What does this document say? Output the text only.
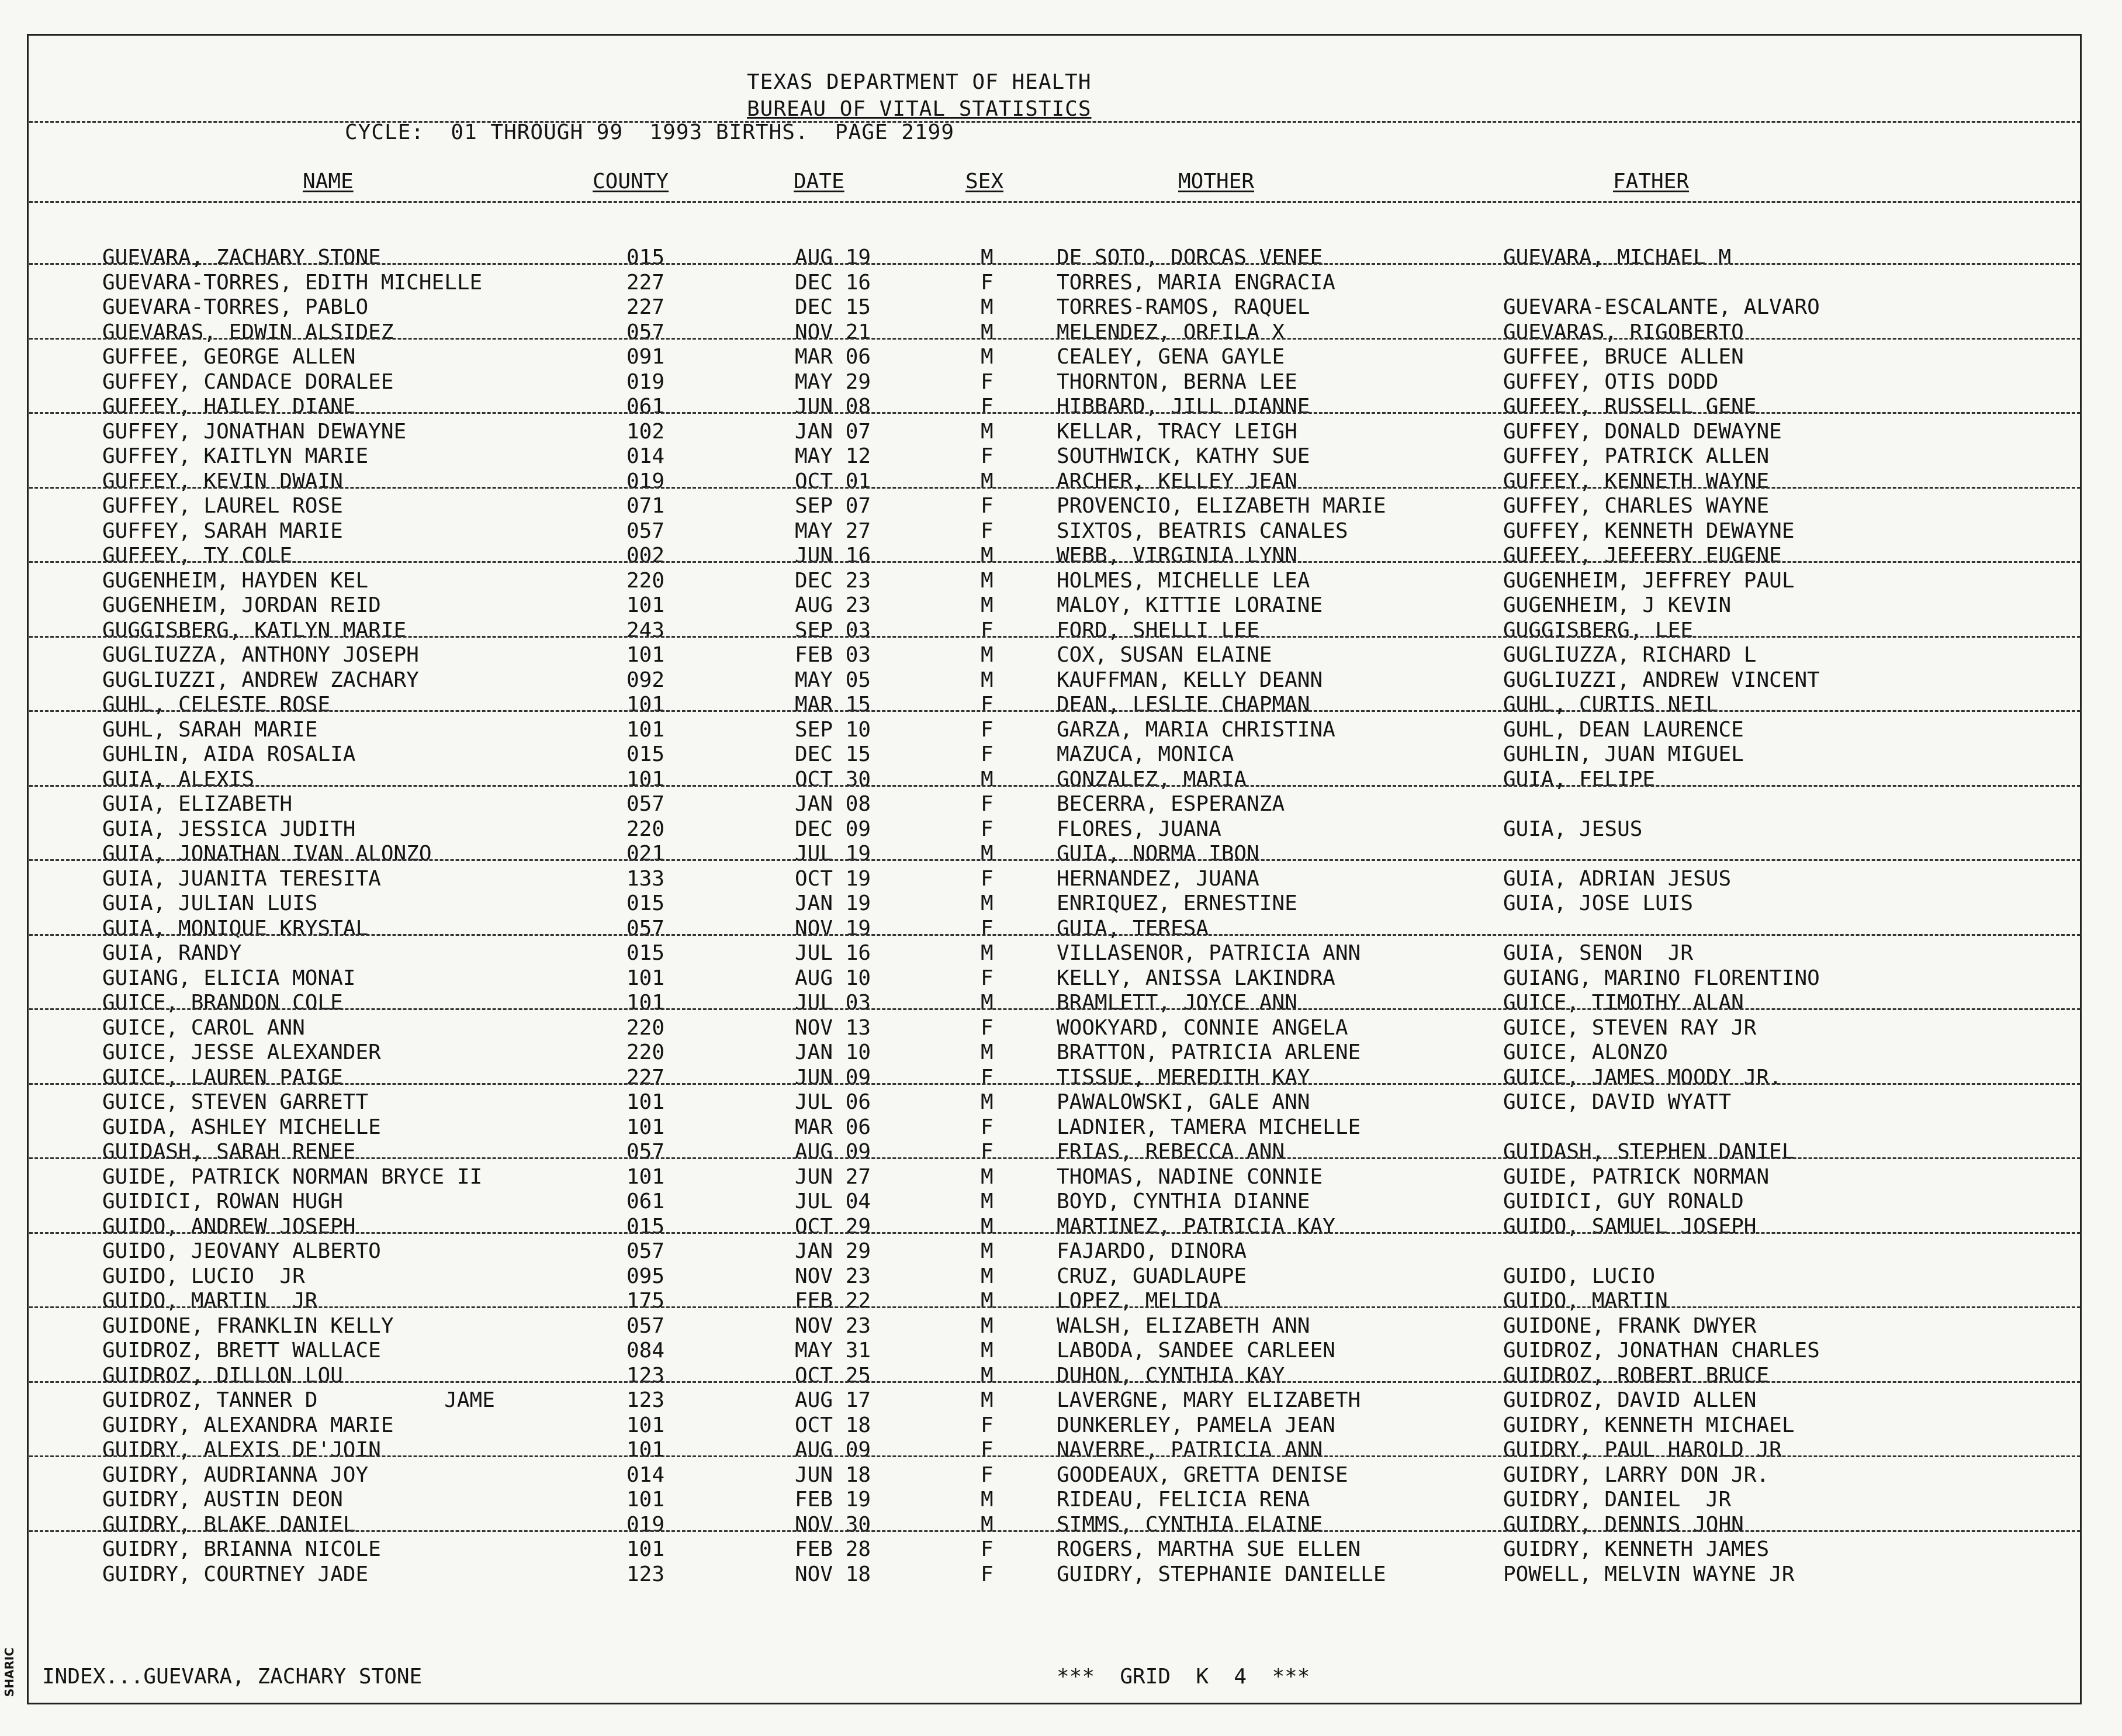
SHARIC
TEXAS DEPARTMENT OF HEALTH
BUREAU OF VITAL STATISTICS
CYCLE:  01 THROUGH 99  1993 BIRTHS.  PAGE 2199
NAME	COUNTY	DATE	SEX	MOTHER	FATHER
GUEVARA, ZACHARY STONE	015	AUG 19	M	DE SOTO, DORCAS VENEE	GUEVARA, MICHAEL M
GUEVARA-TORRES, EDITH MICHELLE	227	DEC 16	F	TORRES, MARIA ENGRACIA
GUEVARA-TORRES, PABLO	227	DEC 15	M	TORRES-RAMOS, RAQUEL	GUEVARA-ESCALANTE, ALVARO
GUEVARAS, EDWIN ALSIDEZ	057	NOV 21	M	MELENDEZ, ORFILA X	GUEVARAS, RIGOBERTO
GUFFEE, GEORGE ALLEN	091	MAR 06	M	CEALEY, GENA GAYLE	GUFFEE, BRUCE ALLEN
GUFFEY, CANDACE DORALEE	019	MAY 29	F	THORNTON, BERNA LEE	GUFFEY, OTIS DODD
GUFFEY, HAILEY DIANE	061	JUN 08	F	HIBBARD, JILL DIANNE	GUFFEY, RUSSELL GENE
GUFFEY, JONATHAN DEWAYNE	102	JAN 07	M	KELLAR, TRACY LEIGH	GUFFEY, DONALD DEWAYNE
GUFFEY, KAITLYN MARIE	014	MAY 12	F	SOUTHWICK, KATHY SUE	GUFFEY, PATRICK ALLEN
GUFFEY, KEVIN DWAIN	019	OCT 01	M	ARCHER, KELLEY JEAN	GUFFEY, KENNETH WAYNE
GUFFEY, LAUREL ROSE	071	SEP 07	F	PROVENCIO, ELIZABETH MARIE	GUFFEY, CHARLES WAYNE
GUFFEY, SARAH MARIE	057	MAY 27	F	SIXTOS, BEATRIS CANALES	GUFFEY, KENNETH DEWAYNE
GUFFEY, TY COLE	002	JUN 16	M	WEBB, VIRGINIA LYNN	GUFFEY, JEFFERY EUGENE
GUGENHEIM, HAYDEN KEL	220	DEC 23	M	HOLMES, MICHELLE LEA	GUGENHEIM, JEFFREY PAUL
GUGENHEIM, JORDAN REID	101	AUG 23	M	MALOY, KITTIE LORAINE	GUGENHEIM, J KEVIN
GUGGISBERG, KATLYN MARIE	243	SEP 03	F	FORD, SHELLI LEE	GUGGISBERG, LEE
GUGLIUZZA, ANTHONY JOSEPH	101	FEB 03	M	COX, SUSAN ELAINE	GUGLIUZZA, RICHARD L
GUGLIUZZI, ANDREW ZACHARY	092	MAY 05	M	KAUFFMAN, KELLY DEANN	GUGLIUZZI, ANDREW VINCENT
GUHL, CELESTE ROSE	101	MAR 15	F	DEAN, LESLIE CHAPMAN	GUHL, CURTIS NEIL
GUHL, SARAH MARIE	101	SEP 10	F	GARZA, MARIA CHRISTINA	GUHL, DEAN LAURENCE
GUHLIN, AIDA ROSALIA	015	DEC 15	F	MAZUCA, MONICA	GUHLIN, JUAN MIGUEL
GUIA, ALEXIS	101	OCT 30	M	GONZALEZ, MARIA	GUIA, FELIPE
GUIA, ELIZABETH	057	JAN 08	F	BECERRA, ESPERANZA
GUIA, JESSICA JUDITH	220	DEC 09	F	FLORES, JUANA	GUIA, JESUS
GUIA, JONATHAN IVAN ALONZO	021	JUL 19	M	GUIA, NORMA IBON
GUIA, JUANITA TERESITA	133	OCT 19	F	HERNANDEZ, JUANA	GUIA, ADRIAN JESUS
GUIA, JULIAN LUIS	015	JAN 19	M	ENRIQUEZ, ERNESTINE	GUIA, JOSE LUIS
GUIA, MONIQUE KRYSTAL	057	NOV 19	F	GUIA, TERESA
GUIA, RANDY	015	JUL 16	M	VILLASENOR, PATRICIA ANN	GUIA, SENON  JR
GUIANG, ELICIA MONAI	101	AUG 10	F	KELLY, ANISSA LAKINDRA	GUIANG, MARINO FLORENTINO
GUICE, BRANDON COLE	101	JUL 03	M	BRAMLETT, JOYCE ANN	GUICE, TIMOTHY ALAN
GUICE, CAROL ANN	220	NOV 13	F	WOOKYARD, CONNIE ANGELA	GUICE, STEVEN RAY JR
GUICE, JESSE ALEXANDER	220	JAN 10	M	BRATTON, PATRICIA ARLENE	GUICE, ALONZO
GUICE, LAUREN PAIGE	227	JUN 09	F	TISSUE, MEREDITH KAY	GUICE, JAMES MOODY JR.
GUICE, STEVEN GARRETT	101	JUL 06	M	PAWALOWSKI, GALE ANN	GUICE, DAVID WYATT
GUIDA, ASHLEY MICHELLE	101	MAR 06	F	LADNIER, TAMERA MICHELLE
GUIDASH, SARAH RENEE	057	AUG 09	F	FRIAS, REBECCA ANN	GUIDASH, STEPHEN DANIEL
GUIDE, PATRICK NORMAN BRYCE II	101	JUN 27	M	THOMAS, NADINE CONNIE	GUIDE, PATRICK NORMAN
GUIDICI, ROWAN HUGH	061	JUL 04	M	BOYD, CYNTHIA DIANNE	GUIDICI, GUY RONALD
GUIDO, ANDREW JOSEPH	015	OCT 29	M	MARTINEZ, PATRICIA KAY	GUIDO, SAMUEL JOSEPH
GUIDO, JEOVANY ALBERTO	057	JAN 29	M	FAJARDO, DINORA
GUIDO, LUCIO  JR	095	NOV 23	M	CRUZ, GUADLAUPE	GUIDO, LUCIO
GUIDO, MARTIN  JR	175	FEB 22	M	LOPEZ, MELIDA	GUIDO, MARTIN
GUIDONE, FRANKLIN KELLY	057	NOV 23	M	WALSH, ELIZABETH ANN	GUIDONE, FRANK DWYER
GUIDROZ, BRETT WALLACE	084	MAY 31	M	LABODA, SANDEE CARLEEN	GUIDROZ, JONATHAN CHARLES
GUIDROZ, DILLON LOU	123	OCT 25	M	DUHON, CYNTHIA KAY	GUIDROZ, ROBERT BRUCE
GUIDROZ, TANNER D          JAME	123	AUG 17	M	LAVERGNE, MARY ELIZABETH	GUIDROZ, DAVID ALLEN
GUIDRY, ALEXANDRA MARIE	101	OCT 18	F	DUNKERLEY, PAMELA JEAN	GUIDRY, KENNETH MICHAEL
GUIDRY, ALEXIS DE'JOIN	101	AUG 09	F	NAVERRE, PATRICIA ANN	GUIDRY, PAUL HAROLD JR
GUIDRY, AUDRIANNA JOY	014	JUN 18	F	GOODEAUX, GRETTA DENISE	GUIDRY, LARRY DON JR.
GUIDRY, AUSTIN DEON	101	FEB 19	M	RIDEAU, FELICIA RENA	GUIDRY, DANIEL  JR
GUIDRY, BLAKE DANIEL	019	NOV 30	M	SIMMS, CYNTHIA ELAINE	GUIDRY, DENNIS JOHN
GUIDRY, BRIANNA NICOLE	101	FEB 28	F	ROGERS, MARTHA SUE ELLEN	GUIDRY, KENNETH JAMES
GUIDRY, COURTNEY JADE	123	NOV 18	F	GUIDRY, STEPHANIE DANIELLE	POWELL, MELVIN WAYNE JR
INDEX...GUEVARA, ZACHARY STONE	***  GRID  K  4  ***
